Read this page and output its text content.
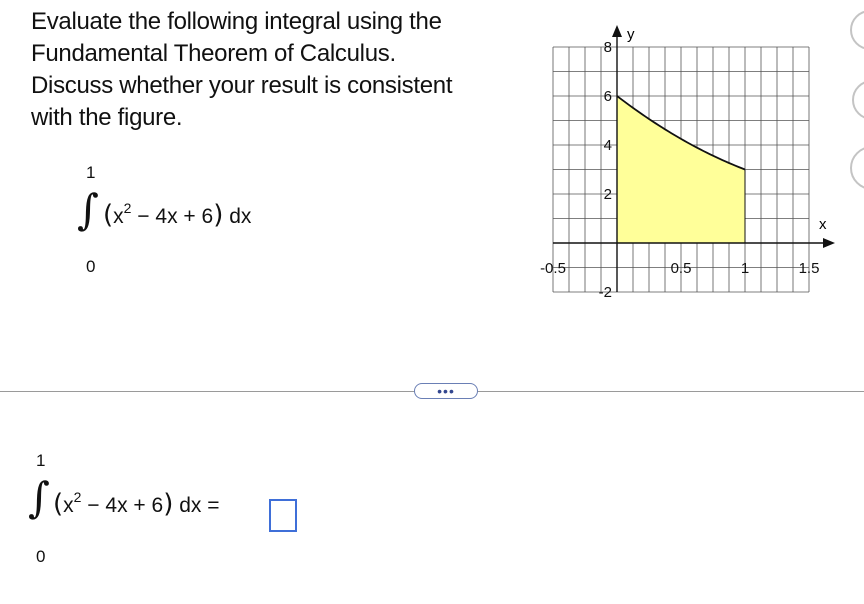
Evaluate the following integral using the Fundamental Theorem of Calculus. Discuss whether your result is consistent with the figure.
1
∫ $(x^2 - 4x + 6)$ dx
0
8
6
4
2
-2
-0.5	0.5	1	1.5
y
x
•••
1
∫ $(x^2 - 4x + 6)$ dx =
0
